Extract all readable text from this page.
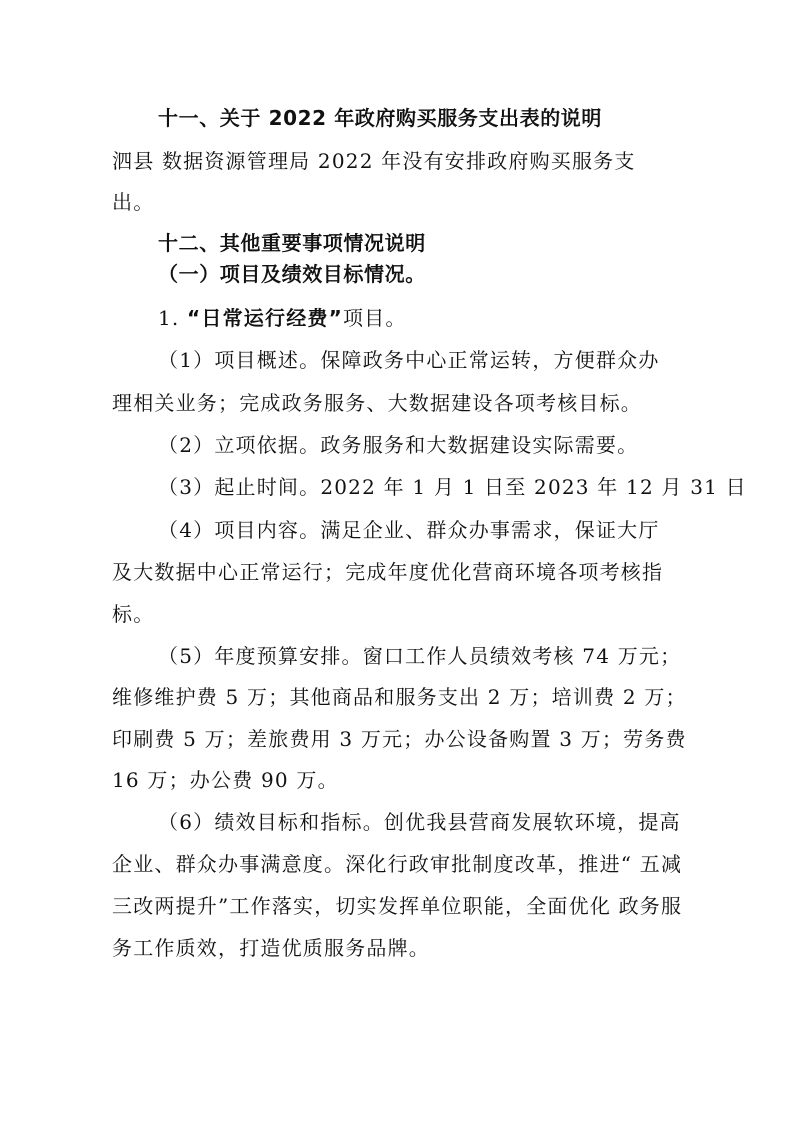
十一、关于 2022 年政府购买服务支出表的说明
泗县 数据资源管理局 2022 年没有安排政府购买服务支
出。
十二、其他重要事项情况说明
（一）项目及绩效目标情况。
1. “日常运行经费”项目。
（1）项目概述。保障政务中心正常运转，方便群众办
理相关业务；完成政务服务、大数据建设各项考核目标。
（2）立项依据。政务服务和大数据建设实际需要。
（3）起止时间。2022 年 1 月 1 日至 2023 年 12 月 31 日
（4）项目内容。满足企业、群众办事需求，保证大厅
及大数据中心正常运行；完成年度优化营商环境各项考核指
标。
（5）年度预算安排。窗口工作人员绩效考核 74 万元；
维修维护费 5 万；其他商品和服务支出 2 万；培训费 2 万；
印刷费 5 万；差旅费用 3 万元；办公设备购置 3 万；劳务费
16 万；办公费 90 万。
（6）绩效目标和指标。创优我县营商发展软环境，提高
企业、群众办事满意度。深化行政审批制度改革，推进“ 五减
三改两提升”工作落实，切实发挥单位职能，全面优化 政务服
务工作质效，打造优质服务品牌。
